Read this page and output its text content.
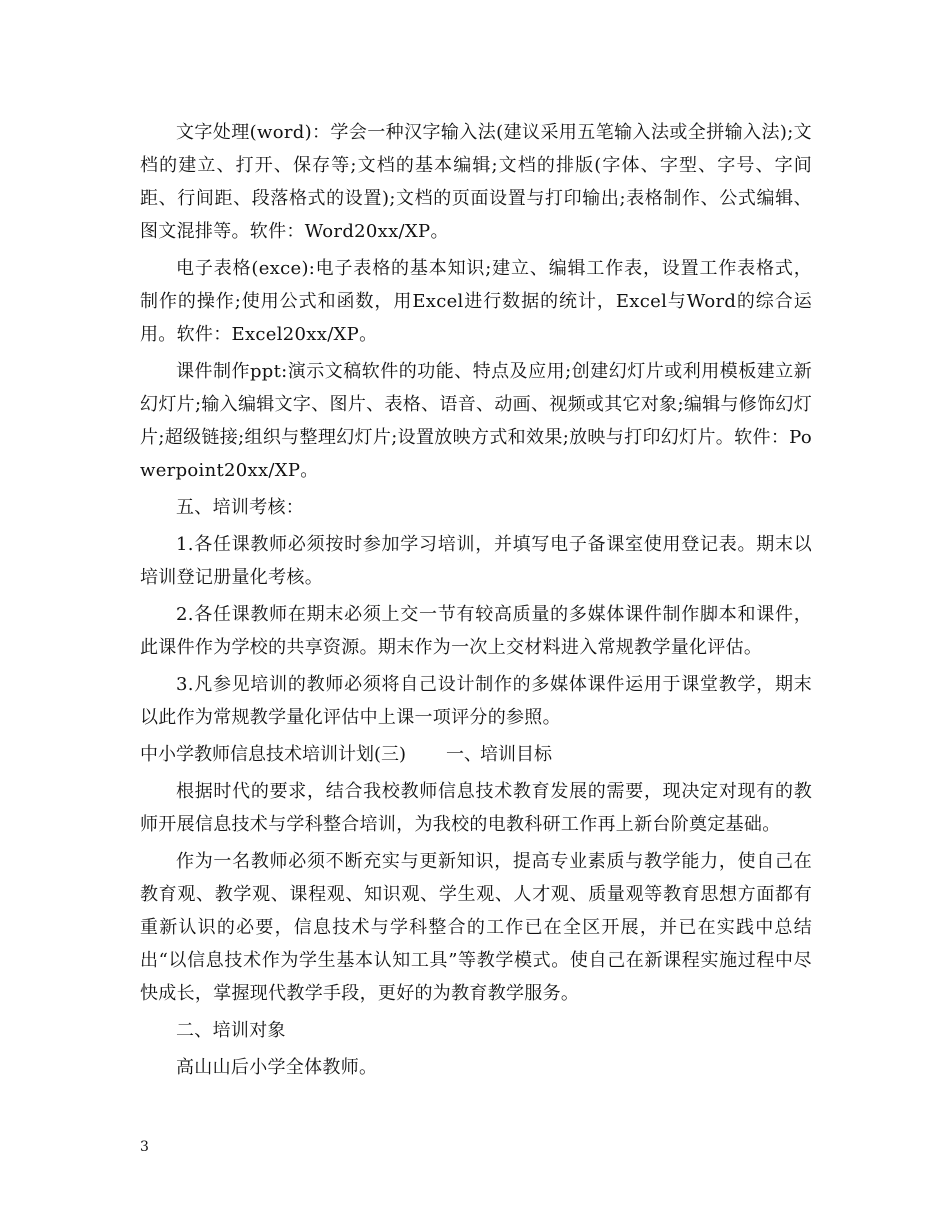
文字处理(word)：学会一种汉字输入法(建议采用五笔输入法或全拼输入法);文档的建立、打开、保存等;文档的基本编辑;文档的排版(字体、字型、字号、字间距、行间距、段落格式的设置);文档的页面设置与打印输出;表格制作、公式编辑、图文混排等。软件：Word20xx/XP。

电子表格(exce):电子表格的基本知识;建立、编辑工作表，设置工作表格式，制作的操作;使用公式和函数，用Excel进行数据的统计，Excel与Word的综合运用。软件：Excel20xx/XP。

课件制作ppt:演示文稿软件的功能、特点及应用;创建幻灯片或利用模板建立新幻灯片;输入编辑文字、图片、表格、语音、动画、视频或其它对象;编辑与修饰幻灯片;超级链接;组织与整理幻灯片;设置放映方式和效果;放映与打印幻灯片。软件：Powerpoint20xx/XP。

五、培训考核：

1.各任课教师必须按时参加学习培训，并填写电子备课室使用登记表。期末以培训登记册量化考核。

2.各任课教师在期末必须上交一节有较高质量的多媒体课件制作脚本和课件，此课件作为学校的共享资源。期末作为一次上交材料进入常规教学量化评估。

3.凡参见培训的教师必须将自己设计制作的多媒体课件运用于课堂教学，期末以此作为常规教学量化评估中上课一项评分的参照。

中小学教师信息技术培训计划(三) 一、培训目标

根据时代的要求，结合我校教师信息技术教育发展的需要，现决定对现有的教师开展信息技术与学科整合培训，为我校的电教科研工作再上新台阶奠定基础。

作为一名教师必须不断充实与更新知识，提高专业素质与教学能力，使自己在教育观、教学观、课程观、知识观、学生观、人才观、质量观等教育思想方面都有重新认识的必要，信息技术与学科整合的工作已在全区开展，并已在实践中总结出“以信息技术作为学生基本认知工具”等教学模式。使自己在新课程实施过程中尽快成长，掌握现代教学手段，更好的为教育教学服务。

二、培训对象

高山山后小学全体教师。

3
